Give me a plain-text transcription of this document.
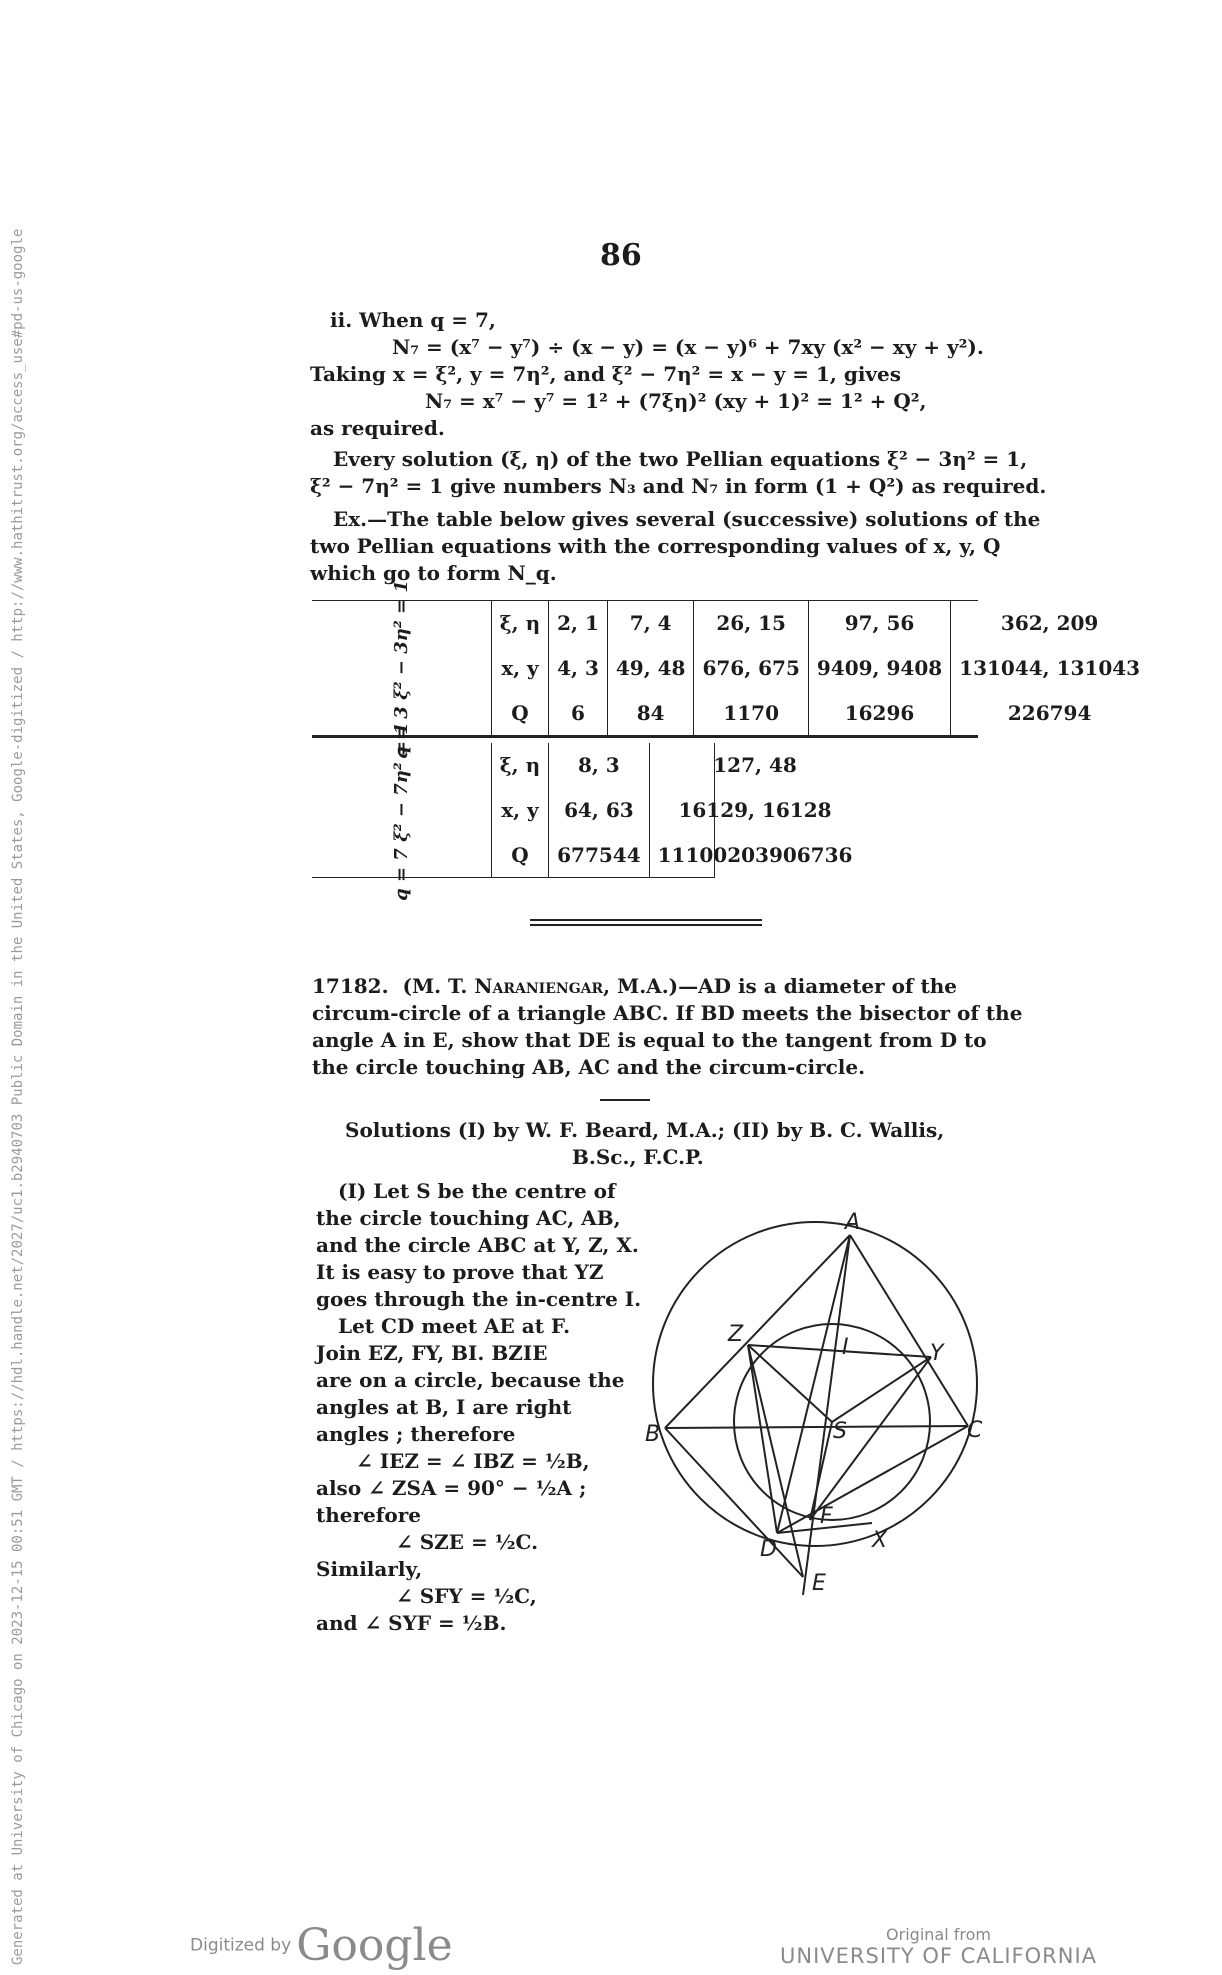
86
ii. When q = 7,
N₇ = (x⁷ − y⁷) ÷ (x − y) = (x − y)⁶ + 7xy (x² − xy + y²).
Taking x = ξ², y = 7η², and ξ² − 7η² = x − y = 1, gives
N₇ = x⁷ − y⁷ = 1² + (7ξη)² (xy + 1)² = 1² + Q²,
as required.
Every solution (ξ, η) of the two Pellian equations ξ² − 3η² = 1,
ξ² − 7η² = 1 give numbers N₃ and N₇ in form (1 + Q²) as required.
Ex.—The table below gives several (successive) solutions of the
two Pellian equations with the corresponding values of x, y, Q
which go to form N_q.
q = 3 ξ² − 3η² = 1	ξ, η	2, 1	7, 4	26, 15	97, 56	362, 209
	x, y	4, 3	49, 48	676, 675	9409, 9408	131044, 131043
	Q	6	84	1170	16296	226794
q = 7 ξ² − 7η² = 1	ξ, η	8, 3	127, 48
	x, y	64, 63	16129, 16128
	Q	677544	11100203906736
17182. (M. T. Naraniengar, M.A.)—AD is a diameter of the
circum-circle of a triangle ABC. If BD meets the bisector of the
angle A in E, show that DE is equal to the tangent from D to
the circle touching AB, AC and the circum-circle.
Solutions (I) by W. F. Beard, M.A.; (II) by B. C. Wallis,
B.Sc., F.C.P.
(I) Let S be the centre of
the circle touching AC, AB,
and the circle ABC at Y, Z, X.
It is easy to prove that YZ
goes through the in-centre I.
Let CD meet AE at F.
Join EZ, FY, BI. BZIE
are on a circle, because the
angles at B, I are right
angles ; therefore
∠ IEZ = ∠ IBZ = ½B,
also ∠ ZSA = 90° − ½A ;
therefore
∠ SZE = ½C.
Similarly,
∠ SFY = ½C,
and ∠ SYF = ½B.
A
B	C
D
E
F
I
S
X
Y
Z
Generated at University of Chicago on 2023-12-15 00:51 GMT / https://hdl.handle.net/2027/uc1.b2940703 Public Domain in the United States, Google-digitized / http://www.hathitrust.org/access_use#pd-us-google	Digitized by Google	Original from
UNIVERSITY OF CALIFORNIA
